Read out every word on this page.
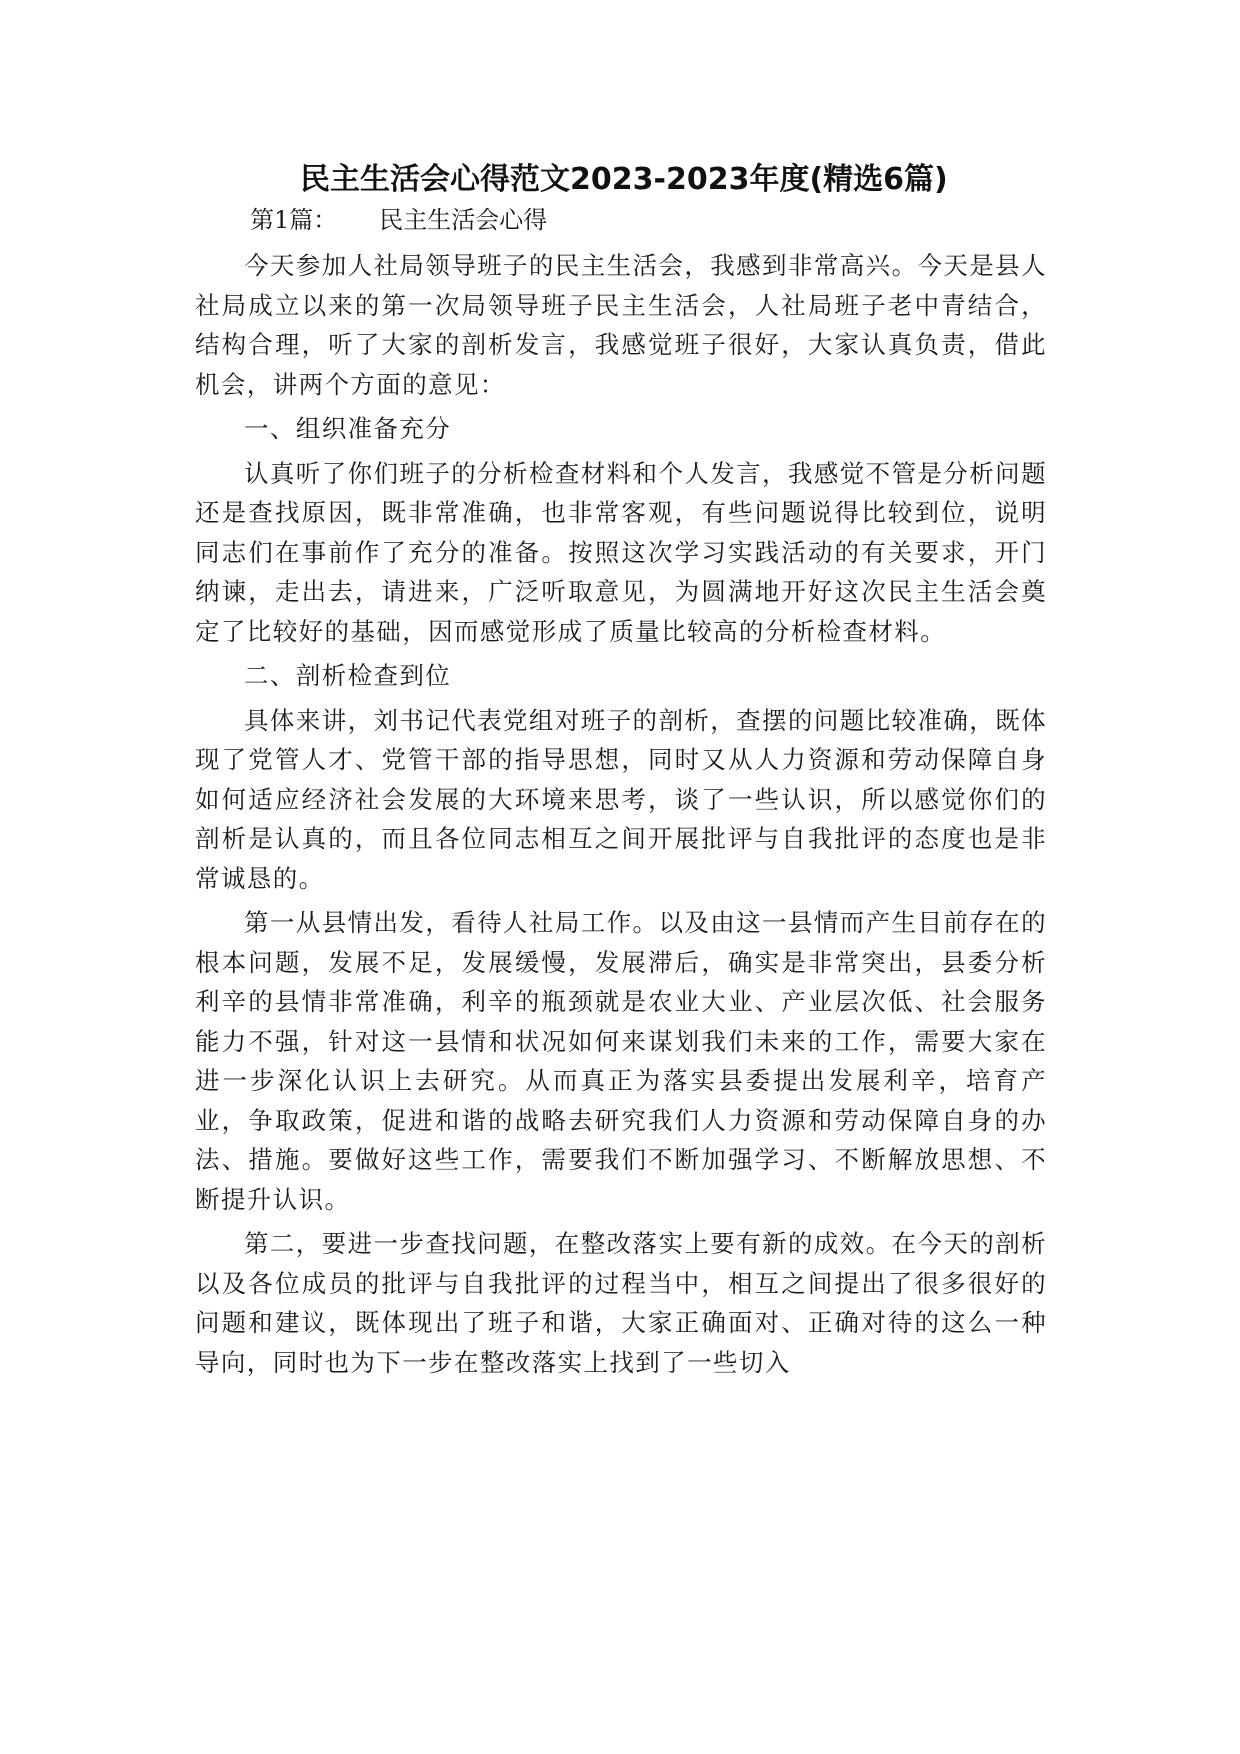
民主生活会心得范文2023-2023年度(精选6篇)

第1篇： 民主生活会心得

今天参加人社局领导班子的民主生活会，我感到非常高兴。今天是县人社局成立以来的第一次局领导班子民主生活会，人社局班子老中青结合，结构合理，听了大家的剖析发言，我感觉班子很好，大家认真负责，借此机会，讲两个方面的意见：

一、组织准备充分

认真听了你们班子的分析检查材料和个人发言，我感觉不管是分析问题还是查找原因，既非常准确，也非常客观，有些问题说得比较到位，说明同志们在事前作了充分的准备。按照这次学习实践活动的有关要求，开门纳谏，走出去，请进来，广泛听取意见，为圆满地开好这次民主生活会奠定了比较好的基础，因而感觉形成了质量比较高的分析检查材料。

二、剖析检查到位

具体来讲，刘书记代表党组对班子的剖析，查摆的问题比较准确，既体现了党管人才、党管干部的指导思想，同时又从人力资源和劳动保障自身如何适应经济社会发展的大环境来思考，谈了一些认识，所以感觉你们的剖析是认真的，而且各位同志相互之间开展批评与自我批评的态度也是非常诚恳的。

第一从县情出发，看待人社局工作。以及由这一县情而产生目前存在的根本问题，发展不足，发展缓慢，发展滞后，确实是非常突出，县委分析利辛的县情非常准确，利辛的瓶颈就是农业大业、产业层次低、社会服务能力不强，针对这一县情和状况如何来谋划我们未来的工作，需要大家在进一步深化认识上去研究。从而真正为落实县委提出发展利辛，培育产业，争取政策，促进和谐的战略去研究我们人力资源和劳动保障自身的办法、措施。要做好这些工作，需要我们不断加强学习、不断解放思想、不断提升认识。

第二，要进一步查找问题，在整改落实上要有新的成效。在今天的剖析以及各位成员的批评与自我批评的过程当中，相互之间提出了很多很好的问题和建议，既体现出了班子和谐，大家正确面对、正确对待的这么一种导向，同时也为下一步在整改落实上找到了一些切入
